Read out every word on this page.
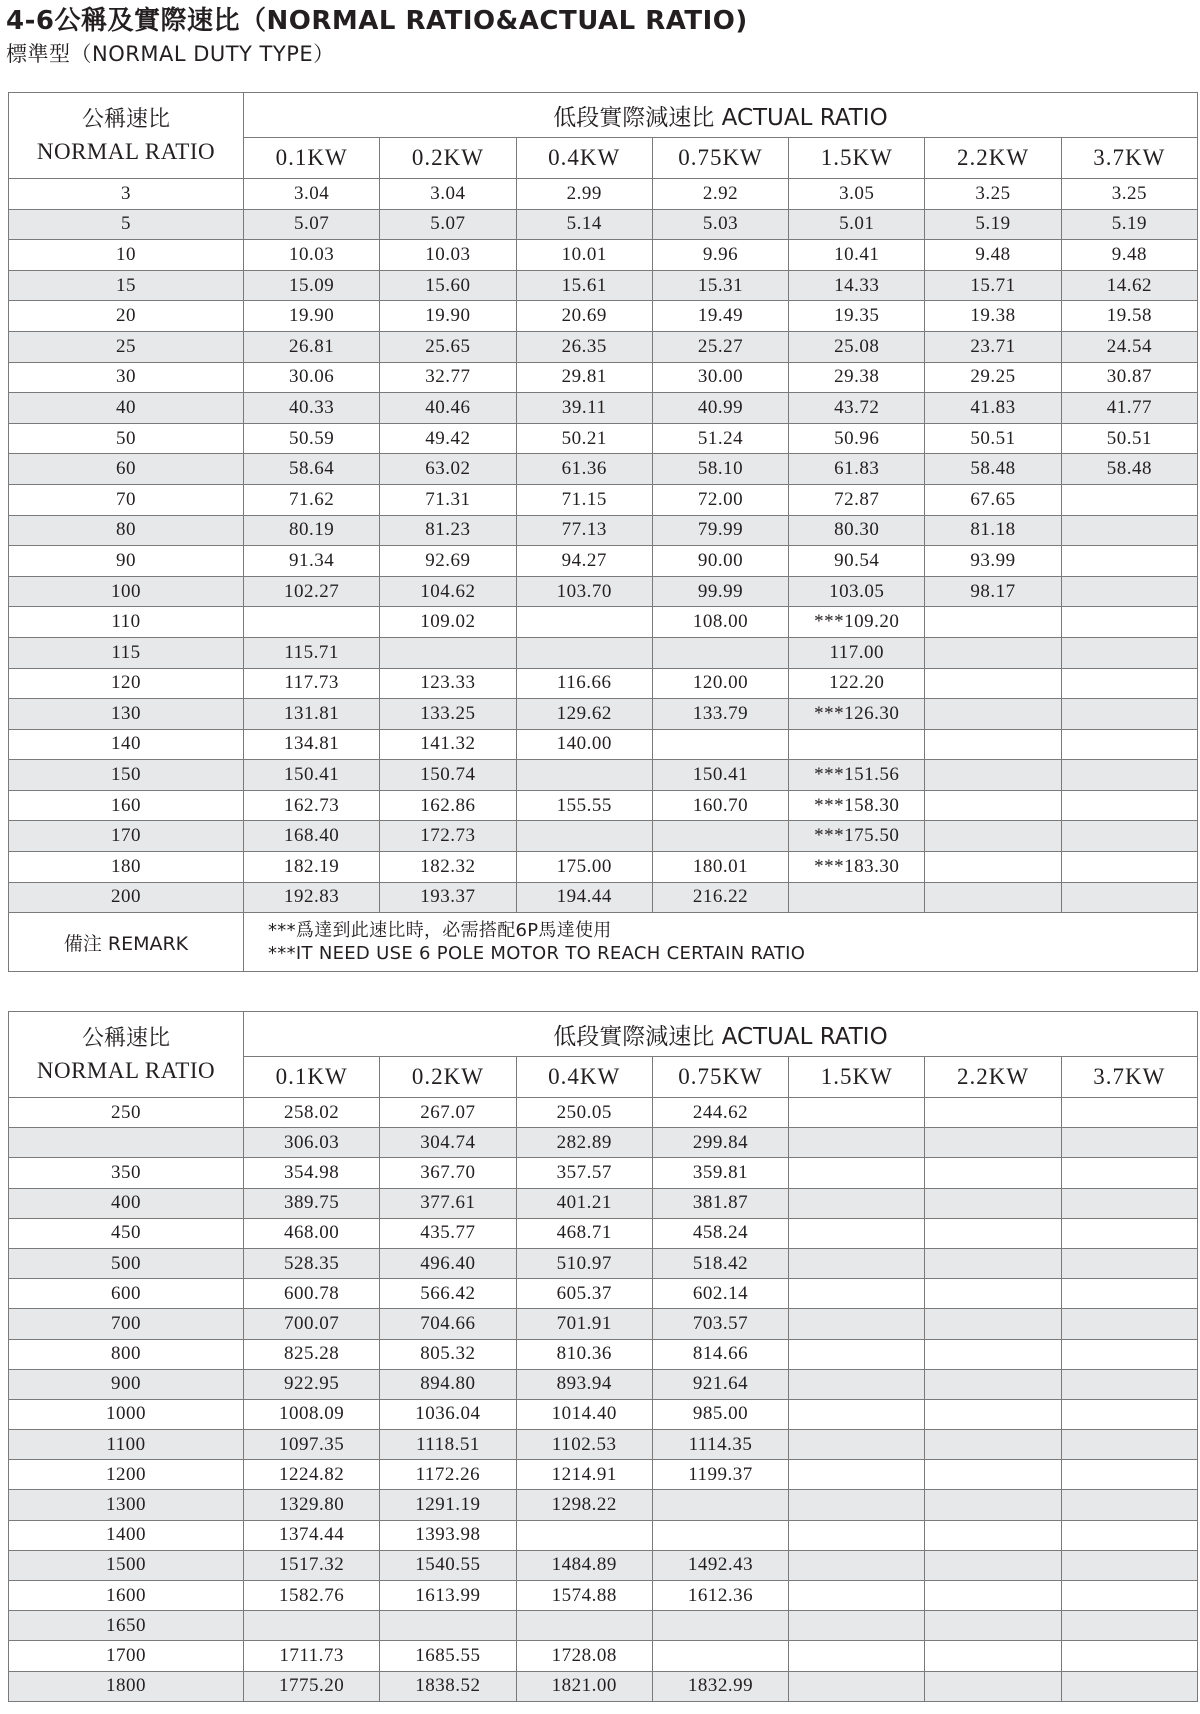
4-6公稱及實際速比（NORMAL RATIO&ACTUAL RATIO)
標準型（NORMAL DUTY TYPE）
公稱速比
NORMAL RATIO	低段實際減速比 ACTUAL RATIO						
	0.1KW	0.2KW	0.4KW	0.75KW	1.5KW	2.2KW	3.7KW
3	3.04	3.04	2.99	2.92	3.05	3.25	3.25
5	5.07	5.07	5.14	5.03	5.01	5.19	5.19
10	10.03	10.03	10.01	9.96	10.41	9.48	9.48
15	15.09	15.60	15.61	15.31	14.33	15.71	14.62
20	19.90	19.90	20.69	19.49	19.35	19.38	19.58
25	26.81	25.65	26.35	25.27	25.08	23.71	24.54
30	30.06	32.77	29.81	30.00	29.38	29.25	30.87
40	40.33	40.46	39.11	40.99	43.72	41.83	41.77
50	50.59	49.42	50.21	51.24	50.96	50.51	50.51
60	58.64	63.02	61.36	58.10	61.83	58.48	58.48
70	71.62	71.31	71.15	72.00	72.87	67.65	
80	80.19	81.23	77.13	79.99	80.30	81.18	
90	91.34	92.69	94.27	90.00	90.54	93.99	
100	102.27	104.62	103.70	99.99	103.05	98.17	
110		109.02		108.00	***109.20		
115	115.71				117.00		
120	117.73	123.33	116.66	120.00	122.20		
130	131.81	133.25	129.62	133.79	***126.30		
140	134.81	141.32	140.00				
150	150.41	150.74		150.41	***151.56		
160	162.73	162.86	155.55	160.70	***158.30		
170	168.40	172.73			***175.50		
180	182.19	182.32	175.00	180.01	***183.30		
200	192.83	193.37	194.44	216.22			
備注 REMARK	***爲達到此速比時，必需搭配6P馬達使用
***IT NEED USE 6 POLE MOTOR TO REACH CERTAIN RATIO						
公稱速比
NORMAL RATIO	低段實際減速比 ACTUAL RATIO						
	0.1KW	0.2KW	0.4KW	0.75KW	1.5KW	2.2KW	3.7KW
250	258.02	267.07	250.05	244.62			
	306.03	304.74	282.89	299.84			
350	354.98	367.70	357.57	359.81			
400	389.75	377.61	401.21	381.87			
450	468.00	435.77	468.71	458.24			
500	528.35	496.40	510.97	518.42			
600	600.78	566.42	605.37	602.14			
700	700.07	704.66	701.91	703.57			
800	825.28	805.32	810.36	814.66			
900	922.95	894.80	893.94	921.64			
1000	1008.09	1036.04	1014.40	985.00			
1100	1097.35	1118.51	1102.53	1114.35			
1200	1224.82	1172.26	1214.91	1199.37			
1300	1329.80	1291.19	1298.22				
1400	1374.44	1393.98					
1500	1517.32	1540.55	1484.89	1492.43			
1600	1582.76	1613.99	1574.88	1612.36			
1650							
1700	1711.73	1685.55	1728.08				
1800	1775.20	1838.52	1821.00	1832.99			
